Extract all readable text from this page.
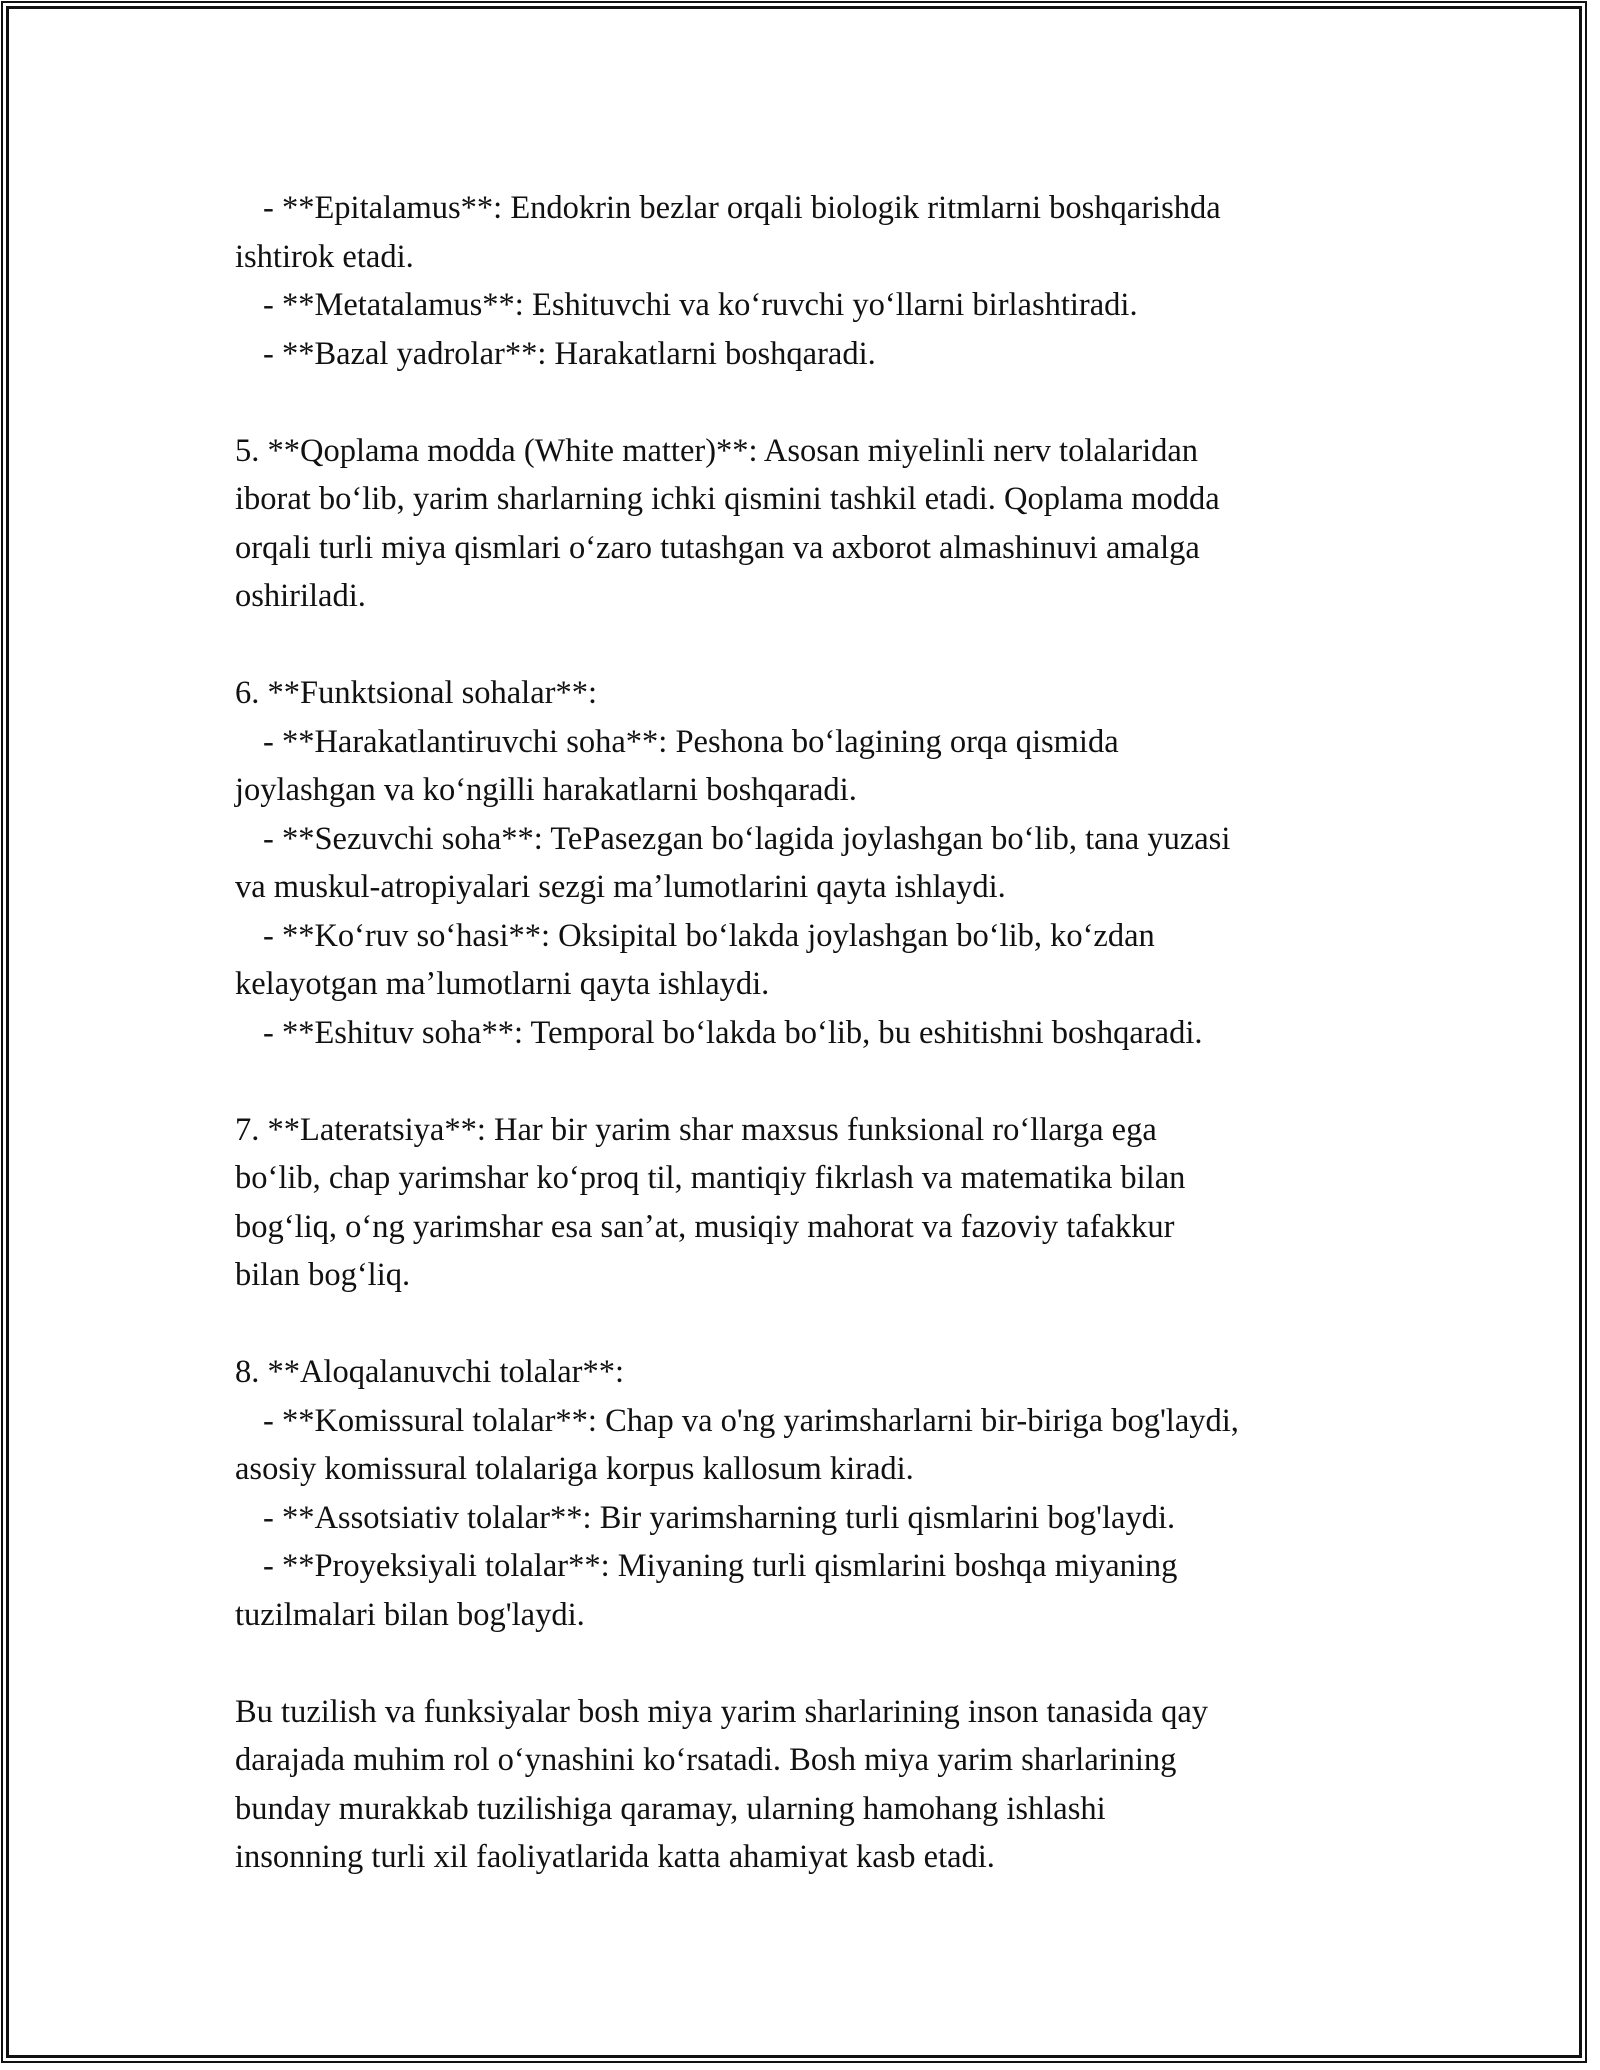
- **Epitalamus**: Endokrin bezlar orqali biologik ritmlarni boshqarishda
ishtirok etadi.

- **Metatalamus**: Eshituvchi va koʻruvchi yoʻllarni birlashtiradi.

- **Bazal yadrolar**: Harakatlarni boshqaradi.

5. **Qoplama modda (White matter)**: Asosan miyelinli nerv tolalaridan
iborat boʻlib, yarim sharlarning ichki qismini tashkil etadi. Qoplama modda
orqali turli miya qismlari oʻzaro tutashgan va axborot almashinuvi amalga
oshiriladi.

6. **Funktsional sohalar**:

- **Harakatlantiruvchi soha**: Peshona boʻlagining orqa qismida
joylashgan va koʻngilli harakatlarni boshqaradi.

- **Sezuvchi soha**: TePasezgan boʻlagida joylashgan boʻlib, tana yuzasi
va muskul-atropiyalari sezgi maʼlumotlarini qayta ishlaydi.

- **Koʻruv soʻhasi**: Oksipital boʻlakda joylashgan boʻlib, koʻzdan
kelayotgan maʼlumotlarni qayta ishlaydi.

- **Eshituv soha**: Temporal boʻlakda boʻlib, bu eshitishni boshqaradi.

7. **Lateratsiya**: Har bir yarim shar maxsus funksional roʻllarga ega
boʻlib, chap yarimshar koʻproq til, mantiqiy fikrlash va matematika bilan
bogʻliq, oʻng yarimshar esa sanʼat, musiqiy mahorat va fazoviy tafakkur
bilan bogʻliq.

8. **Aloqalanuvchi tolalar**:

- **Komissural tolalar**: Chap va o'ng yarimsharlarni bir-biriga bog'laydi,
asosiy komissural tolalariga korpus kallosum kiradi.

- **Assotsiativ tolalar**: Bir yarimsharning turli qismlarini bog'laydi.

- **Proyeksiyali tolalar**: Miyaning turli qismlarini boshqa miyaning
tuzilmalari bilan bog'laydi.

Bu tuzilish va funksiyalar bosh miya yarim sharlarining inson tanasida qay
darajada muhim rol oʻynashini koʻrsatadi. Bosh miya yarim sharlarining
bunday murakkab tuzilishiga qaramay, ularning hamohang ishlashi
insonning turli xil faoliyatlarida katta ahamiyat kasb etadi.
